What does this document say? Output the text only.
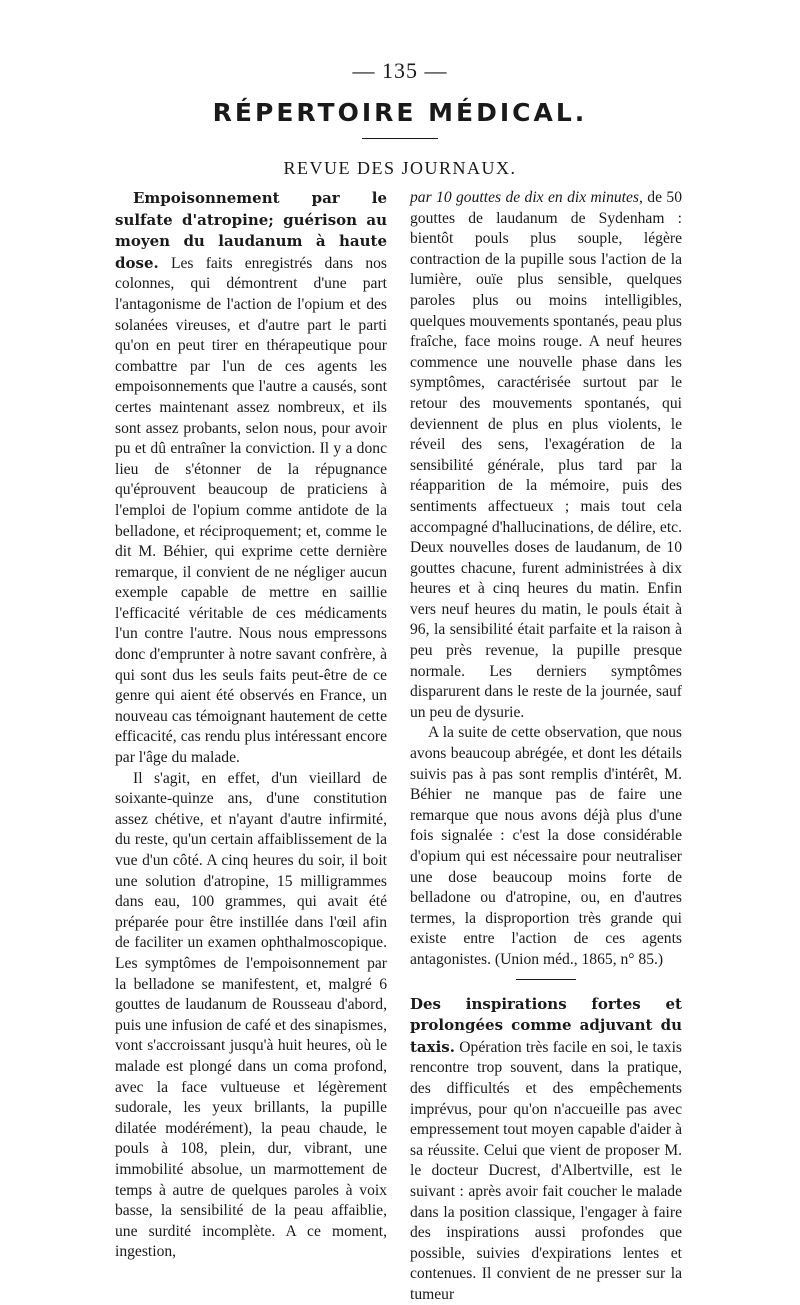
— 135 —
RÉPERTOIRE MÉDICAL.
REVUE DES JOURNAUX.

Empoisonnement par le sulfate d'atropine; guérison au moyen du laudanum à haute dose. Les faits enregistrés dans nos colonnes, qui démontrent d'une part l'antagonisme de l'action de l'opium et des solanées vireuses, et d'autre part le parti qu'on en peut tirer en thérapeutique pour combattre par l'un de ces agents les empoisonnements que l'autre a causés, sont certes maintenant assez nombreux, et ils sont assez probants, selon nous, pour avoir pu et dû entraîner la conviction. Il y a donc lieu de s'étonner de la répugnance qu'éprouvent beaucoup de praticiens à l'emploi de l'opium comme antidote de la belladone, et réciproquement; et, comme le dit M. Béhier, qui exprime cette dernière remarque, il convient de ne négliger aucun exemple capable de mettre en saillie l'efficacité véritable de ces médicaments l'un contre l'autre. Nous nous empressons donc d'emprunter à notre savant confrère, à qui sont dus les seuls faits peut-être de ce genre qui aient été observés en France, un nouveau cas témoignant hautement de cette efficacité, cas rendu plus intéressant encore par l'âge du malade.

Il s'agit, en effet, d'un vieillard de soixante-quinze ans, d'une constitution assez chétive, et n'ayant d'autre infirmité, du reste, qu'un certain affaiblissement de la vue d'un côté. A cinq heures du soir, il boit une solution d'atropine, 15 milligrammes dans eau, 100 grammes, qui avait été préparée pour être instillée dans l'œil afin de faciliter un examen ophthalmoscopique. Les symptômes de l'empoisonnement par la belladone se manifestent, et, malgré 6 gouttes de laudanum de Rousseau d'abord, puis une infusion de café et des sinapismes, vont s'accroissant jusqu'à huit heures, où le malade est plongé dans un coma profond, avec la face vultueuse et légèrement sudorale, les yeux brillants, la pupille dilatée modérément), la peau chaude, le pouls à 108, plein, dur, vibrant, une immobilité absolue, un marmottement de temps à autre de quelques paroles à voix basse, la sensibilité de la peau affaiblie, une surdité incomplète. A ce moment, ingestion,

par 10 gouttes de dix en dix minutes, de 50 gouttes de laudanum de Sydenham : bientôt pouls plus souple, légère contraction de la pupille sous l'action de la lumière, ouïe plus sensible, quelques paroles plus ou moins intelligibles, quelques mouvements spontanés, peau plus fraîche, face moins rouge. A neuf heures commence une nouvelle phase dans les symptômes, caractérisée surtout par le retour des mouvements spontanés, qui deviennent de plus en plus violents, le réveil des sens, l'exagération de la sensibilité générale, plus tard par la réapparition de la mémoire, puis des sentiments affectueux ; mais tout cela accompagné d'hallucinations, de délire, etc. Deux nouvelles doses de laudanum, de 10 gouttes chacune, furent administrées à dix heures et à cinq heures du matin. Enfin vers neuf heures du matin, le pouls était à 96, la sensibilité était parfaite et la raison à peu près revenue, la pupille presque normale. Les derniers symptômes disparurent dans le reste de la journée, sauf un peu de dysurie.

A la suite de cette observation, que nous avons beaucoup abrégée, et dont les détails suivis pas à pas sont remplis d'intérêt, M. Béhier ne manque pas de faire une remarque que nous avons déjà plus d'une fois signalée : c'est la dose considérable d'opium qui est nécessaire pour neutraliser une dose beaucoup moins forte de belladone ou d'atropine, ou, en d'autres termes, la disproportion très grande qui existe entre l'action de ces agents antagonistes. (Union méd., 1865, n° 85.)

Des inspirations fortes et prolongées comme adjuvant du taxis. Opération très facile en soi, le taxis rencontre trop souvent, dans la pratique, des difficultés et des empêchements imprévus, pour qu'on n'accueille pas avec empressement tout moyen capable d'aider à sa réussite. Celui que vient de proposer M. le docteur Ducrest, d'Albertville, est le suivant : après avoir fait coucher le malade dans la position classique, l'engager à faire des inspirations aussi profondes que possible, suivies d'expirations lentes et contenues. Il convient de ne presser sur la tumeur
